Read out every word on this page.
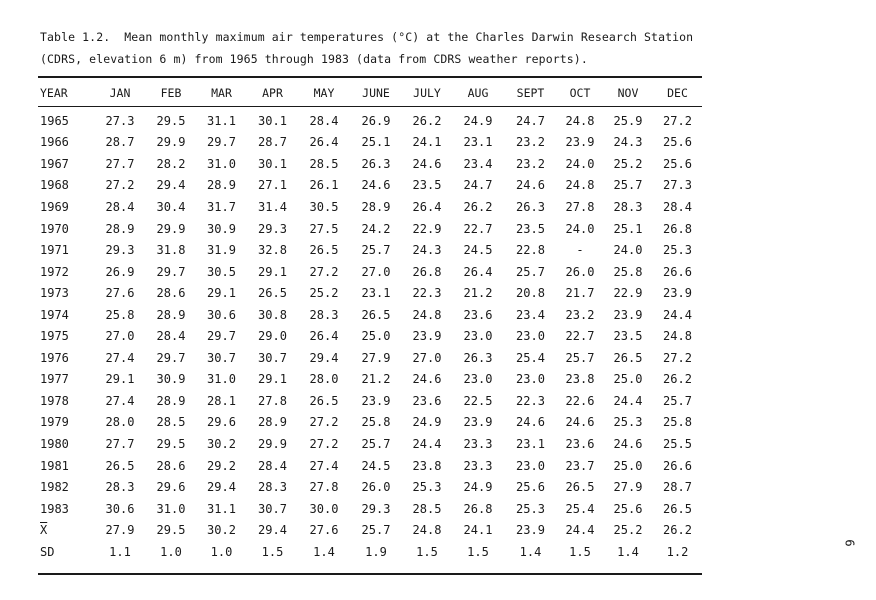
Table 1.2.  Mean monthly maximum air temperatures (°C) at the Charles Darwin Research Station
(CDRS, elevation 6 m) from 1965 through 1983 (data from CDRS weather reports).
YEAR	JAN	FEB	MAR	APR	MAY	JUNE	JULY	AUG	SEPT	OCT	NOV	DEC

1965	27.3	29.5	31.1	30.1	28.4	26.9	26.2	24.9	24.7	24.8	25.9	27.2
1966	28.7	29.9	29.7	28.7	26.4	25.1	24.1	23.1	23.2	23.9	24.3	25.6
1967	27.7	28.2	31.0	30.1	28.5	26.3	24.6	23.4	23.2	24.0	25.2	25.6
1968	27.2	29.4	28.9	27.1	26.1	24.6	23.5	24.7	24.6	24.8	25.7	27.3
1969	28.4	30.4	31.7	31.4	30.5	28.9	26.4	26.2	26.3	27.8	28.3	28.4
1970	28.9	29.9	30.9	29.3	27.5	24.2	22.9	22.7	23.5	24.0	25.1	26.8
1971	29.3	31.8	31.9	32.8	26.5	25.7	24.3	24.5	22.8	-	24.0	25.3
1972	26.9	29.7	30.5	29.1	27.2	27.0	26.8	26.4	25.7	26.0	25.8	26.6
1973	27.6	28.6	29.1	26.5	25.2	23.1	22.3	21.2	20.8	21.7	22.9	23.9
1974	25.8	28.9	30.6	30.8	28.3	26.5	24.8	23.6	23.4	23.2	23.9	24.4
1975	27.0	28.4	29.7	29.0	26.4	25.0	23.9	23.0	23.0	22.7	23.5	24.8
1976	27.4	29.7	30.7	30.7	29.4	27.9	27.0	26.3	25.4	25.7	26.5	27.2
1977	29.1	30.9	31.0	29.1	28.0	21.2	24.6	23.0	23.0	23.8	25.0	26.2
1978	27.4	28.9	28.1	27.8	26.5	23.9	23.6	22.5	22.3	22.6	24.4	25.7
1979	28.0	28.5	29.6	28.9	27.2	25.8	24.9	23.9	24.6	24.6	25.3	25.8
1980	27.7	29.5	30.2	29.9	27.2	25.7	24.4	23.3	23.1	23.6	24.6	25.5
1981	26.5	28.6	29.2	28.4	27.4	24.5	23.8	23.3	23.0	23.7	25.0	26.6
1982	28.3	29.6	29.4	28.3	27.8	26.0	25.3	24.9	25.6	26.5	27.9	28.7
1983	30.6	31.0	31.1	30.7	30.0	29.3	28.5	26.8	25.3	25.4	25.6	26.5
$\overline{X}$	27.9	29.5	30.2	29.4	27.6	25.7	24.8	24.1	23.9	24.4	25.2	26.2
SD	1.1	1.0	1.0	1.5	1.4	1.9	1.5	1.5	1.4	1.5	1.4	1.2
6
